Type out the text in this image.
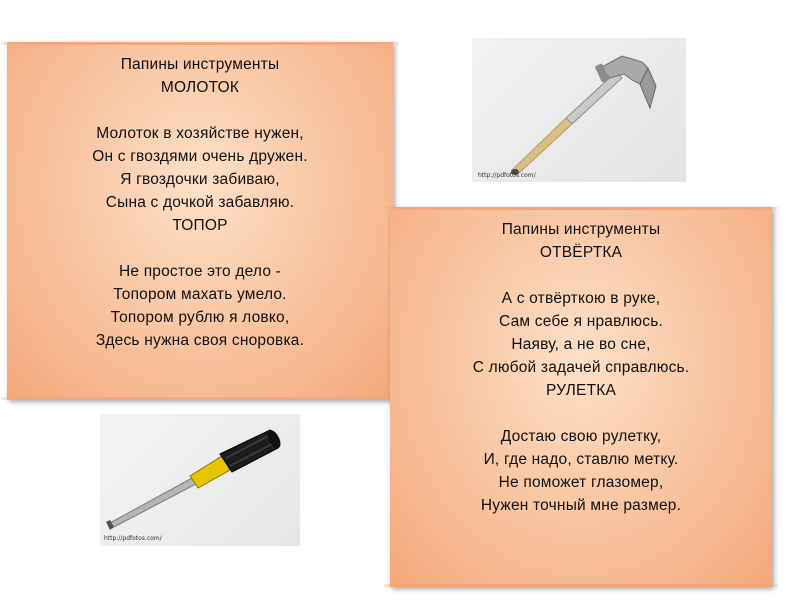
Папины инструменты
МОЛОТОК
Молоток в хозяйстве нужен,
Он с гвоздями очень дружен.
Я гвоздочки забиваю,
Сына с дочкой забавляю.
ТОПОР
Не простое это дело -
Топором махать умело.
Топором рублю я ловко,
Здесь нужна своя сноровка.
http://pdfotos.com/
Папины инструменты
ОТВЁРТКА
А с отвёрткою в руке,
Сам себе я нравлюсь.
Наяву, а не во сне,
С любой задачей справлюсь.
РУЛЕТКА
Достаю свою рулетку,
И, где надо, ставлю метку.
Не поможет глазомер,
Нужен точный мне размер.
http://pdfotos.com/
